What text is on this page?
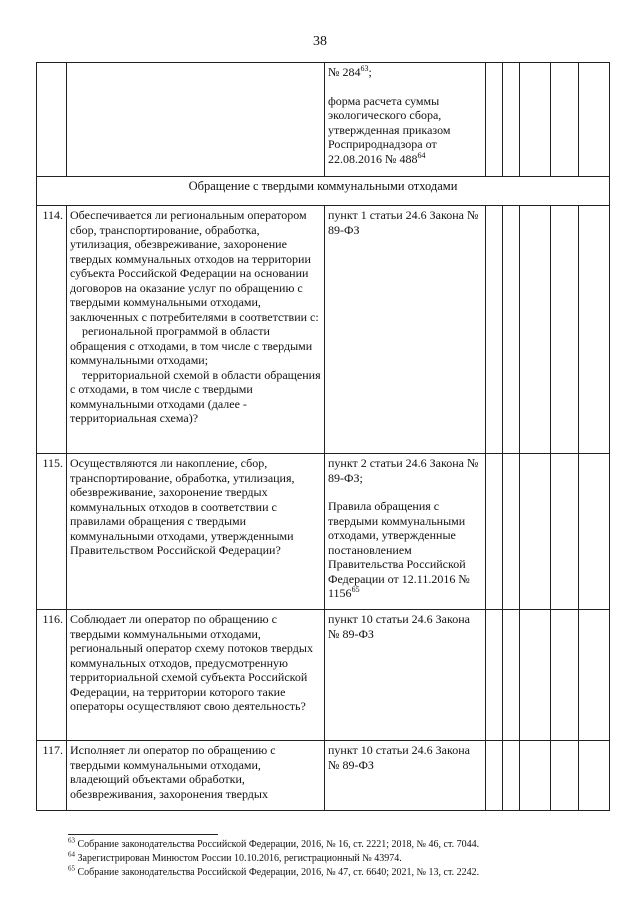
38

		№ $284^{63}$;

форма расчета суммы экологического сбора, утвержденная приказом Росприроднадзора от 22.08.2016 № $488^{64}$

Обращение с твердыми коммунальными отходами							
114.	Обеспечивается ли региональным оператором сбор, транспортирование, обработка, утилизация, обезвреживание, захоронение твердых коммунальных отходов на территории субъекта Российской Федерации на основании договоров на оказание услуг по обращению с твердыми коммунальными отходами, заключенных с потребителями в соответствии с:

региональной программой в области обращения с отходами, в том числе с твердыми коммунальными отходами;

территориальной схемой в области обращения с отходами, в том числе с твердыми коммунальными отходами (далее - территориальная схема)?	пункт 1 статьи 24.6 Закона № 89-ФЗ					
115.	Осуществляются ли накопление, сбор, транспортирование, обработка, утилизация, обезвреживание, захоронение твердых коммунальных отходов в соответствии с правилами обращения с твердыми коммунальными отходами, утвержденными Правительством Российской Федерации?	пункт 2 статьи 24.6 Закона № 89-ФЗ;

Правила обращения с твердыми коммунальными отходами, утвержденные постановлением Правительства Российской Федерации от 12.11.2016 № 1156$^{65}$

116.	Соблюдает ли оператор по обращению с твердыми коммунальными отходами, региональный оператор схему потоков твердых коммунальных отходов, предусмотренную территориальной схемой субъекта Российской Федерации, на территории которого такие операторы осуществляют свою деятельность?	пункт 10 статьи 24.6 Закона № 89-ФЗ					
117.	Исполняет ли оператор по обращению с твердыми коммунальными отходами, владеющий объектами обработки, обезвреживания, захоронения твердых	пункт 10 статьи 24.6 Закона № 89-ФЗ					

$^{63}$ Собрание законодательства Российской Федерации, 2016, № 16, ст. 2221; 2018, № 46, ст. 7044.

$^{64}$ Зарегистрирован Минюстом России 10.10.2016, регистрационный № 43974.

$^{65}$ Собрание законодательства Российской Федерации, 2016, № 47, ст. 6640; 2021, № 13, ст. 2242.
